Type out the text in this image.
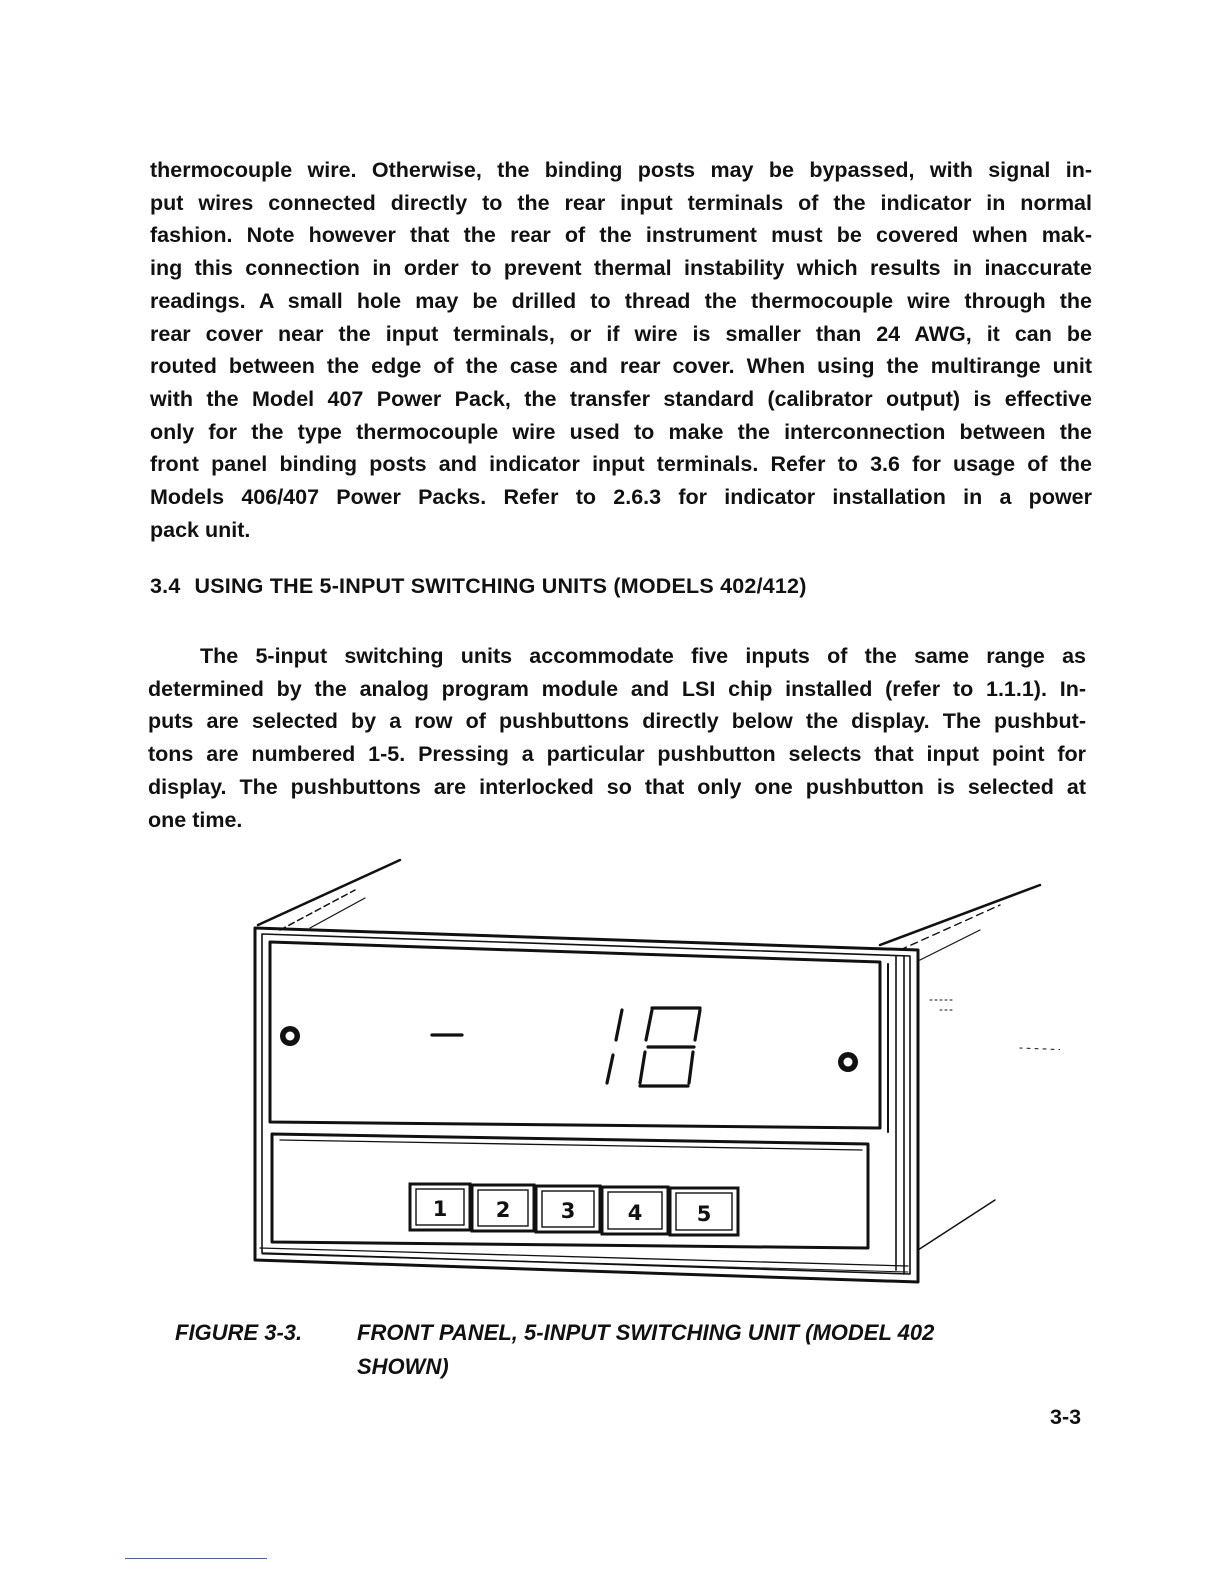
thermocouple wire. Otherwise, the binding posts may be bypassed, with signal in-
put wires connected directly to the rear input terminals of the indicator in normal
fashion. Note however that the rear of the instrument must be covered when mak-
ing this connection in order to prevent thermal instability which results in inaccurate
readings. A small hole may be drilled to thread the thermocouple wire through the
rear cover near the input terminals, or if wire is smaller than 24 AWG, it can be
routed between the edge of the case and rear cover. When using the multirange unit
with the Model 407 Power Pack, the transfer standard (calibrator output) is effective
only for the type thermocouple wire used to make the interconnection between the
front panel binding posts and indicator input terminals. Refer to 3.6 for usage of the
Models 406/407 Power Packs. Refer to 2.6.3 for indicator installation in a power
pack unit.
3.4 USING THE 5-INPUT SWITCHING UNITS (MODELS 402/412)
The 5-input switching units accommodate five inputs of the same range as
determined by the analog program module and LSI chip installed (refer to 1.1.1). In-
puts are selected by a row of pushbuttons directly below the display. The pushbut-
tons are numbered 1-5. Pressing a particular pushbutton selects that input point for
display. The pushbuttons are interlocked so that only one pushbutton is selected at
one time.
1 2 3 4	5
FIGURE 3-3. FRONT PANEL, 5-INPUT SWITCHING UNIT (MODEL 402
SHOWN)
3-3
